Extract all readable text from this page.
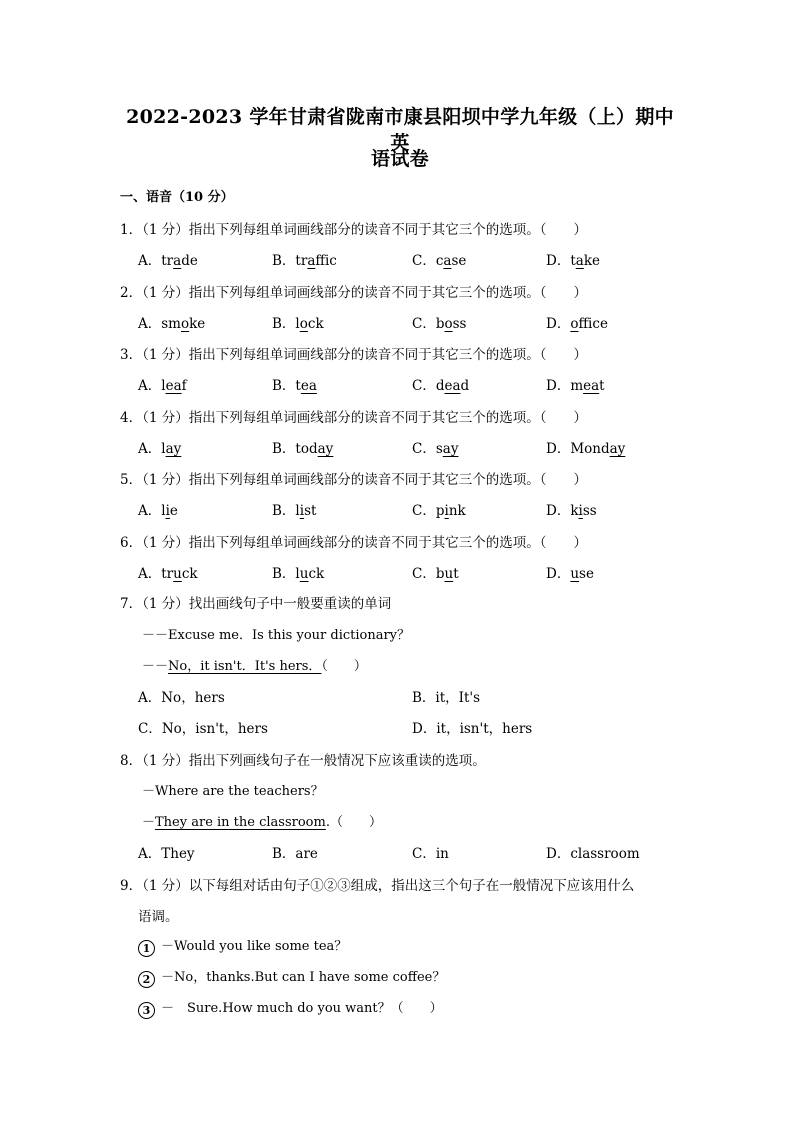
2022-2023 学年甘肃省陇南市康县阳坝中学九年级（上）期中英
语试卷
一、语音（10 分）
1．（1 分）指出下列每组单词画线部分的读音不同于其它三个的选项。（　　）
A．trade	B．traffic	C．case	D．take
2．（1 分）指出下列每组单词画线部分的读音不同于其它三个的选项。（　　）
A．smoke	B．lock	C．boss	D．office
3．（1 分）指出下列每组单词画线部分的读音不同于其它三个的选项。（　　）
A．leaf	B．tea	C．dead	D．meat
4．（1 分）指出下列每组单词画线部分的读音不同于其它三个的选项。（　　）
A．lay	B．today	C．say	D．Monday
5．（1 分）指出下列每组单词画线部分的读音不同于其它三个的选项。（　　）
A．lie	B．list	C．pink	D．kiss
6．（1 分）指出下列每组单词画线部分的读音不同于其它三个的选项。（　　）
A．truck	B．luck	C．but	D．use
7．（1 分）找出画线句子中一般要重读的单词
－－Excuse me．Is this your dictionary？
－－No，it isn't．It's hers．（　　）
A．No，hers	B．it，It's
C．No，isn't，hers	D．it，isn't，hers
8．（1 分）指出下列画线句子在一般情况下应该重读的选项。
－Where are the teachers？
－They are in the classroom.（　　）
A．They	B．are	C．in	D．classroom
9．（1 分）以下每组对话由句子①②③组成，指出这三个句子在一般情况下应该用什么
语调。
1 －Would you like some tea？
2 －No，thanks.But can I have some coffee？
3 －　Sure.How much do you want？（　　）
